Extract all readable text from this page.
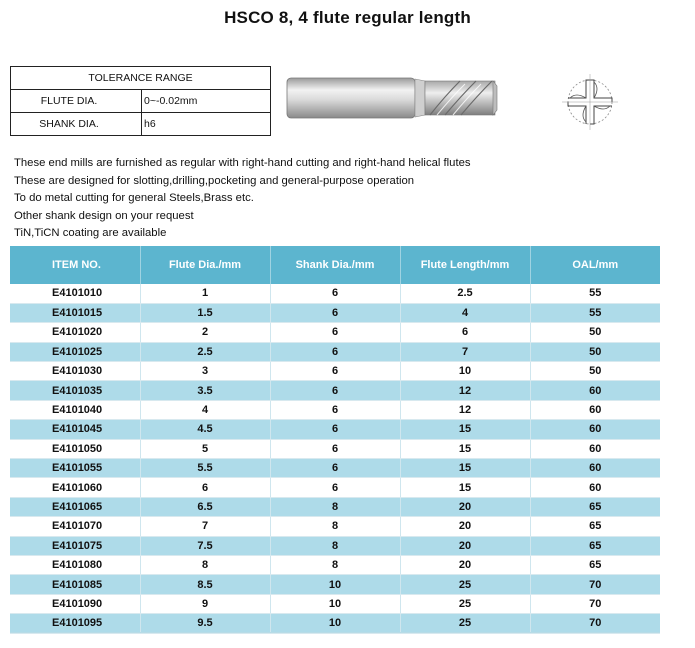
HSCO 8, 4 flute regular length
TOLERANCE RANGE	
FLUTE DIA.	0~-0.02mm
SHANK DIA.	h6
These end mills are furnished as regular with right-hand cutting and right-hand helical flutes
These are designed for slotting,drilling,pocketing and general-purpose operation
To do metal cutting for general Steels,Brass etc.
Other shank design on your request
TiN,TiCN coating are available
ITEM NO.	Flute Dia./mm	Shank Dia./mm	Flute Length/mm	OAL/mm
E4101010	1	6	2.5	55
E4101015	1.5	6	4	55
E4101020	2	6	6	50
E4101025	2.5	6	7	50
E4101030	3	6	10	50
E4101035	3.5	6	12	60
E4101040	4	6	12	60
E4101045	4.5	6	15	60
E4101050	5	6	15	60
E4101055	5.5	6	15	60
E4101060	6	6	15	60
E4101065	6.5	8	20	65
E4101070	7	8	20	65
E4101075	7.5	8	20	65
E4101080	8	8	20	65
E4101085	8.5	10	25	70
E4101090	9	10	25	70
E4101095	9.5	10	25	70
